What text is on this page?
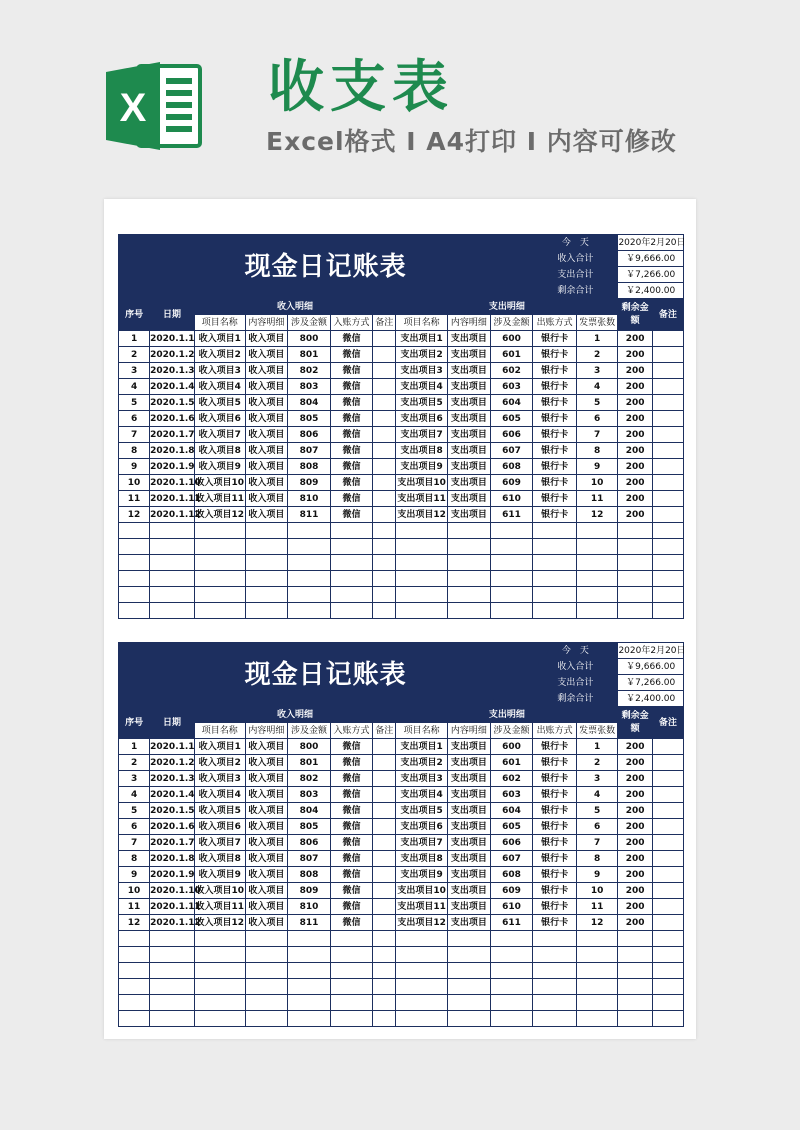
X 收支表
Excel格式 I A4打印 I 内容可修改
现金日记账表										今　天		2020年2月20日	
										收入合计		￥9,666.00	
										支出合计		￥7,266.00	
										剩余合计		￥2,400.00	
序号	日期	收入明细					支出明细					剩余金额	备注
		项目名称	内容明细	涉及金额	入账方式	备注	项目名称	内容明细	涉及金额	出账方式	发票张数		
1	2020.1.1	收入项目1	收入项目	800	微信		支出项目1	支出项目	600	银行卡	1	200	
2	2020.1.2	收入项目2	收入项目	801	微信		支出项目2	支出项目	601	银行卡	2	200	
3	2020.1.3	收入项目3	收入项目	802	微信		支出项目3	支出项目	602	银行卡	3	200	
4	2020.1.4	收入项目4	收入项目	803	微信		支出项目4	支出项目	603	银行卡	4	200	
5	2020.1.5	收入项目5	收入项目	804	微信		支出项目5	支出项目	604	银行卡	5	200	
6	2020.1.6	收入项目6	收入项目	805	微信		支出项目6	支出项目	605	银行卡	6	200	
7	2020.1.7	收入项目7	收入项目	806	微信		支出项目7	支出项目	606	银行卡	7	200	
8	2020.1.8	收入项目8	收入项目	807	微信		支出项目8	支出项目	607	银行卡	8	200	
9	2020.1.9	收入项目9	收入项目	808	微信		支出项目9	支出项目	608	银行卡	9	200	
10	2020.1.10	收入项目10	收入项目	809	微信		支出项目10	支出项目	609	银行卡	10	200	
11	2020.1.11	收入项目11	收入项目	810	微信		支出项目11	支出项目	610	银行卡	11	200	
12	2020.1.12	收入项目12	收入项目	811	微信		支出项目12	支出项目	611	银行卡	12	200	

现金日记账表										今　天		2020年2月20日	
										收入合计		￥9,666.00	
										支出合计		￥7,266.00	
										剩余合计		￥2,400.00	
序号	日期	收入明细					支出明细					剩余金额	备注
		项目名称	内容明细	涉及金额	入账方式	备注	项目名称	内容明细	涉及金额	出账方式	发票张数		
1	2020.1.1	收入项目1	收入项目	800	微信		支出项目1	支出项目	600	银行卡	1	200	
2	2020.1.2	收入项目2	收入项目	801	微信		支出项目2	支出项目	601	银行卡	2	200	
3	2020.1.3	收入项目3	收入项目	802	微信		支出项目3	支出项目	602	银行卡	3	200	
4	2020.1.4	收入项目4	收入项目	803	微信		支出项目4	支出项目	603	银行卡	4	200	
5	2020.1.5	收入项目5	收入项目	804	微信		支出项目5	支出项目	604	银行卡	5	200	
6	2020.1.6	收入项目6	收入项目	805	微信		支出项目6	支出项目	605	银行卡	6	200	
7	2020.1.7	收入项目7	收入项目	806	微信		支出项目7	支出项目	606	银行卡	7	200	
8	2020.1.8	收入项目8	收入项目	807	微信		支出项目8	支出项目	607	银行卡	8	200	
9	2020.1.9	收入项目9	收入项目	808	微信		支出项目9	支出项目	608	银行卡	9	200	
10	2020.1.10	收入项目10	收入项目	809	微信		支出项目10	支出项目	609	银行卡	10	200	
11	2020.1.11	收入项目11	收入项目	810	微信		支出项目11	支出项目	610	银行卡	11	200	
12	2020.1.12	收入项目12	收入项目	811	微信		支出项目12	支出项目	611	银行卡	12	200	
